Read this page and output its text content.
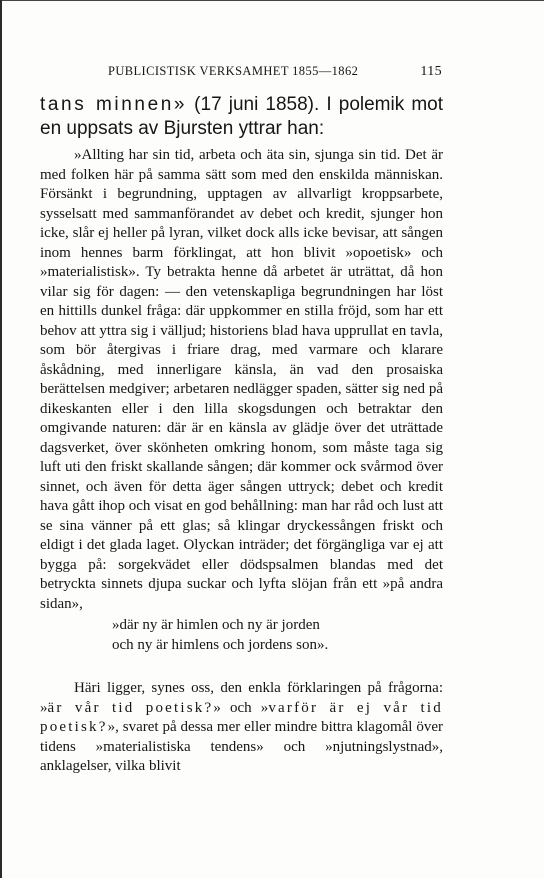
PUBLICISTISK VERKSAMHET 1855—1862	115

tans minnen» (17 juni 1858). I polemik mot en uppsats av Bjursten yttrar han:

»Allting har sin tid, arbeta och äta sin, sjunga sin tid. Det är med folken här på samma sätt som med den enskilda människan. Försänkt i begrundning, upptagen av allvarligt kroppsarbete, sysselsatt med sammanförandet av debet och kredit, sjunger hon icke, slår ej heller på lyran, vilket dock alls icke bevisar, att sången inom hennes barm förklingat, att hon blivit »opoetisk» och »materialistisk». Ty betrakta henne då arbetet är uträttat, då hon vilar sig för dagen: — den vetenskapliga begrundningen har löst en hittills dunkel fråga: där uppkommer en stilla fröjd, som har ett behov att yttra sig i välljud; historiens blad hava upprullat en tavla, som bör återgivas i friare drag, med varmare och klarare åskådning, med innerligare känsla, än vad den prosaiska berättelsen medgiver; arbetaren nedlägger spaden, sätter sig ned på dikeskanten eller i den lilla skogsdungen och betraktar den omgivande naturen: där är en känsla av glädje över det uträttade dagsverket, över skönheten omkring honom, som måste taga sig luft uti den friskt skallande sången; där kommer ock svårmod över sinnet, och även för detta äger sången uttryck; debet och kredit hava gått ihop och visat en god behållning: man har råd och lust att se sina vänner på ett glas; så klingar dryckessången friskt och eldigt i det glada laget. Olyckan inträder; det förgängliga var ej att bygga på: sorgekvädet eller dödspsalmen blandas med det betryckta sinnets djupa suckar och lyfta slöjan från ett »på andra sidan»,

»där ny är himlen och ny är jorden
och ny är himlens och jordens son».

Häri ligger, synes oss, den enkla förklaringen på frågorna: »är vår tid poetisk?» och »varför är ej vår tid poetisk?», svaret på dessa mer eller mindre bittra klagomål över tidens »materialistiska tendens» och »njutningslystnad», anklagelser, vilka blivit
